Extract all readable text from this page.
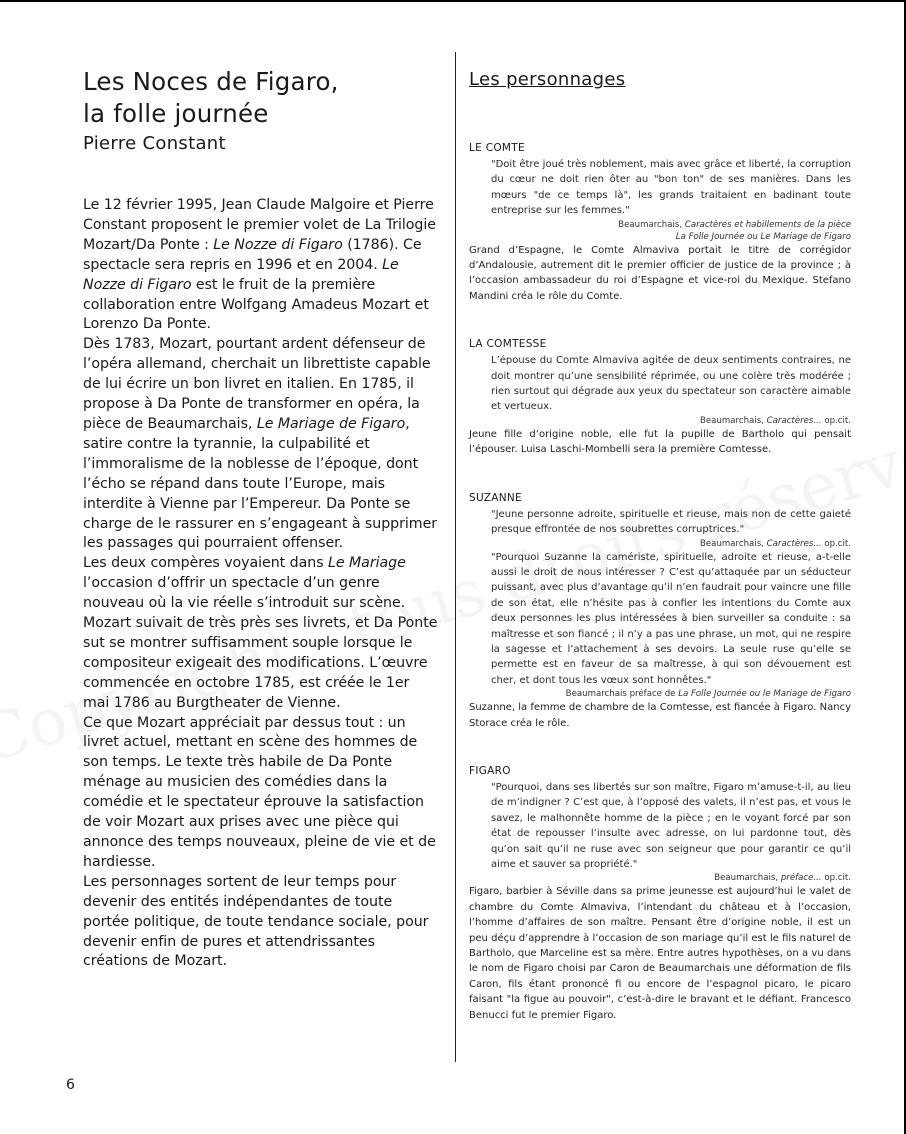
Les Noces de Figaro,
la folle journée
Pierre Constant

Le 12 février 1995, Jean Claude Malgoire et Pierre Constant proposent le premier volet de La Trilogie Mozart/Da Ponte : Le Nozze di Figaro (1786). Ce spectacle sera repris en 1996 et en 2004. Le Nozze di Figaro est le fruit de la première collaboration entre Wolfgang Amadeus Mozart et Lorenzo Da Ponte.

Dès 1783, Mozart, pourtant ardent défenseur de l’opéra allemand, cherchait un librettiste capable de lui écrire un bon livret en italien. En 1785, il propose à Da Ponte de transformer en opéra, la pièce de Beaumarchais, Le Mariage de Figaro, satire contre la tyrannie, la culpabilité et l’immoralisme de la noblesse de l’époque, dont l’écho se répand dans toute l’Europe, mais interdite à Vienne par l’Empereur. Da Ponte se charge de le rassurer en s’engageant à supprimer les passages qui pourraient offenser.

Les deux compères voyaient dans Le Mariage l’occasion d’offrir un spectacle d’un genre nouveau où la vie réelle s’introduit sur scène. Mozart suivait de très près ses livrets, et Da Ponte sut se montrer suffisamment souple lorsque le compositeur exigeait des modifications. L’œuvre commencée en octobre 1785, est créée le 1er mai 1786 au Burgtheater de Vienne.

Ce que Mozart appréciait par dessus tout : un livret actuel, mettant en scène des hommes de son temps. Le texte très habile de Da Ponte ménage au musicien des comédies dans la comédie et le spectateur éprouve la satisfaction de voir Mozart aux prises avec une pièce qui annonce des temps nouveaux, pleine de vie et de hardiesse.

Les personnages sortent de leur temps pour devenir des entités indépendantes de toute portée politique, de toute tendance sociale, pour devenir enfin de pures et attendrissantes créations de Mozart.

Les personnages
LE COMTE
"Doit être joué très noblement, mais avec grâce et liberté, la corruption du cœur ne doit rien ôter au "bon ton" de ses manières. Dans les mœurs "de ce temps là", les grands traitaient en badinant toute entreprise sur les femmes."
Beaumarchais, Caractères et habillements de la pièce
La Folle Journée ou Le Mariage de Figaro
Grand d’Espagne, le Comte Almaviva portait le titre de corrégidor d’Andalousie, autrement dit le premier officier de justice de la province ; à l’occasion ambassadeur du roi d’Espagne et vice-roi du Mexique. Stefano Mandini créa le rôle du Comte.
LA COMTESSE
L’épouse du Comte Almaviva agitée de deux sentiments contraires, ne doit montrer qu’une sensibilité réprimée, ou une colère très modérée ; rien surtout qui dégrade aux yeux du spectateur son caractère aimable et vertueux.
Beaumarchais, Caractères... op.cit.
Jeune fille d’origine noble, elle fut la pupille de Bartholo qui pensait l’épouser. Luisa Laschi-Mombelli sera la première Comtesse.
SUZANNE
"Jeune personne adroite, spirituelle et rieuse, mais non de cette gaieté presque effrontée de nos soubrettes corruptrices."
Beaumarchais, Caractères... op.cit.
"Pourquoi Suzanne la camériste, spirituelle, adroite et rieuse, a-t-elle aussi le droit de nous intéresser ? C’est qu’attaquée par un séducteur puissant, avec plus d’avantage qu’il n’en faudrait pour vaincre une fille de son état, elle n’hésite pas à confier les intentions du Comte aux deux personnes les plus intéressées à bien surveiller sa conduite : sa maîtresse et son fiancé ; il n’y a pas une phrase, un mot, qui ne respire la sagesse et l’attachement à ses devoirs. La seule ruse qu’elle se permette est en faveur de sa maîtresse, à qui son dévouement est cher, et dont tous les vœux sont honnêtes."
Beaumarchais préface de La Folle Journée ou le Mariage de Figaro
Suzanne, la femme de chambre de la Comtesse, est fiancée à Figaro. Nancy Storace créa le rôle.
FIGARO
"Pourquoi, dans ses libertés sur son maître, Figaro m’amuse-t-il, au lieu de m’indigner ? C’est que, à l’opposé des valets, il n’est pas, et vous le savez, le malhonnête homme de la pièce ; en le voyant forcé par son état de repousser l’insulte avec adresse, on lui pardonne tout, dès qu’on sait qu’il ne ruse avec son seigneur que pour garantir ce qu’il aime et sauver sa propriété."
Beaumarchais, préface... op.cit.
Figaro, barbier à Séville dans sa prime jeunesse est aujourd’hui le valet de chambre du Comte Almaviva, l’intendant du château et à l’occasion, l’homme d’affaires de son maître. Pensant être d’origine noble, il est un peu déçu d’apprendre à l’occasion de son mariage qu’il est le fils naturel de Bartholo, que Marceline est sa mère. Entre autres hypothèses, on a vu dans le nom de Figaro choisi par Caron de Beaumarchais une déformation de fils Caron, fils étant prononcé fi ou encore de l’espagnol picaro, le picaro faisant "la figue au pouvoir", c’est-à-dire le bravant et le défiant. Francesco Benucci fut le premier Figaro.
6
